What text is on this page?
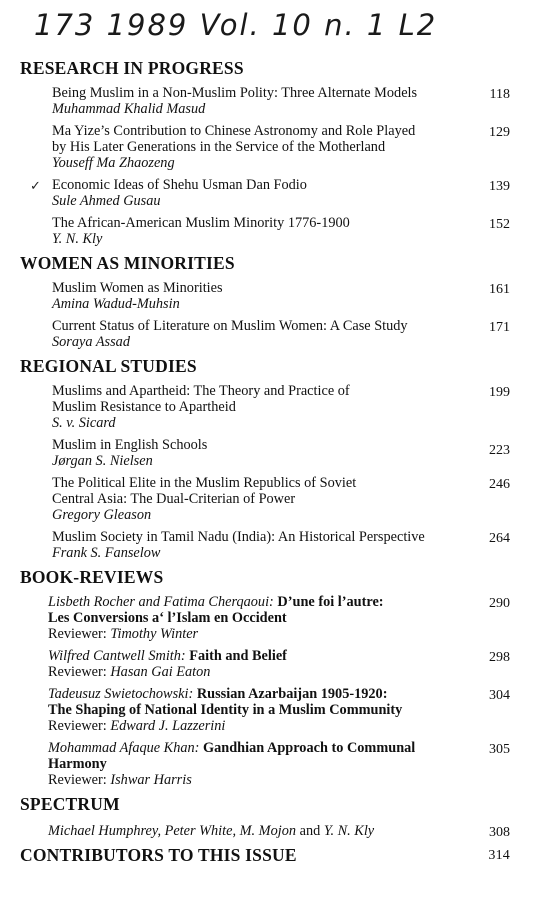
173 1989 Vol. 10 n. 1 L2
RESEARCH IN PROGRESS
Being Muslim in a Non-Muslim Polity: Three Alternate Models
Muhammad Khalid Masud
118
Ma Yize’s Contribution to Chinese Astronomy and Role Played
by His Later Generations in the Service of the Motherland
Youseff Ma Zhaozeng
129
✓ Economic Ideas of Shehu Usman Dan Fodio
Sule Ahmed Gusau
139
The African-American Muslim Minority 1776-1900
Y. N. Kly
152
WOMEN AS MINORITIES
Muslim Women as Minorities
Amina Wadud-Muhsin
161
Current Status of Literature on Muslim Women: A Case Study
Soraya Assad
171
REGIONAL STUDIES
Muslims and Apartheid: The Theory and Practice of
Muslim Resistance to Apartheid
S. v. Sicard
199
Muslim in English Schools
Jørgan S. Nielsen
223
The Political Elite in the Muslim Republics of Soviet
Central Asia: The Dual-Criterian of Power
Gregory Gleason
246
Muslim Society in Tamil Nadu (India): An Historical Perspective
Frank S. Fanselow
264
BOOK-REVIEWS
Lisbeth Rocher and Fatima Cherqaoui: D’une foi l’autre:
Les Conversions a‘ l’Islam en Occident
Reviewer: Timothy Winter
290
Wilfred Cantwell Smith: Faith and Belief
Reviewer: Hasan Gai Eaton
298
Tadeusuz Swietochowski: Russian Azarbaijan 1905-1920:
The Shaping of National Identity in a Muslim Community
Reviewer: Edward J. Lazzerini
304
Mohammad Afaque Khan: Gandhian Approach to Communal
Harmony
Reviewer: Ishwar Harris
305
SPECTRUM
Michael Humphrey, Peter White, M. Mojon and Y. N. Kly	308
CONTRIBUTORS TO THIS ISSUE	314
